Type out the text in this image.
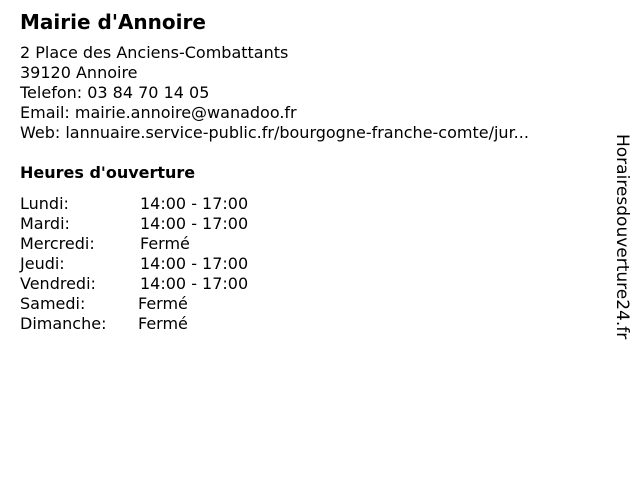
Mairie d'Annoire
2 Place des Anciens-Combattants
39120 Annoire
Telefon: 03 84 70 14 05
Email: mairie.annoire@wanadoo.fr
Web: lannuaire.service-public.fr/bourgogne-franche-comte/jur...
Heures d'ouverture
Lundi:	14:00 - 17:00
Mardi:	14:00 - 17:00
Mercredi:	Fermé
Jeudi:	14:00 - 17:00
Vendredi:	14:00 - 17:00
Samedi:	Fermé
Dimanche: Fermé	Horairesdouverture24.fr
